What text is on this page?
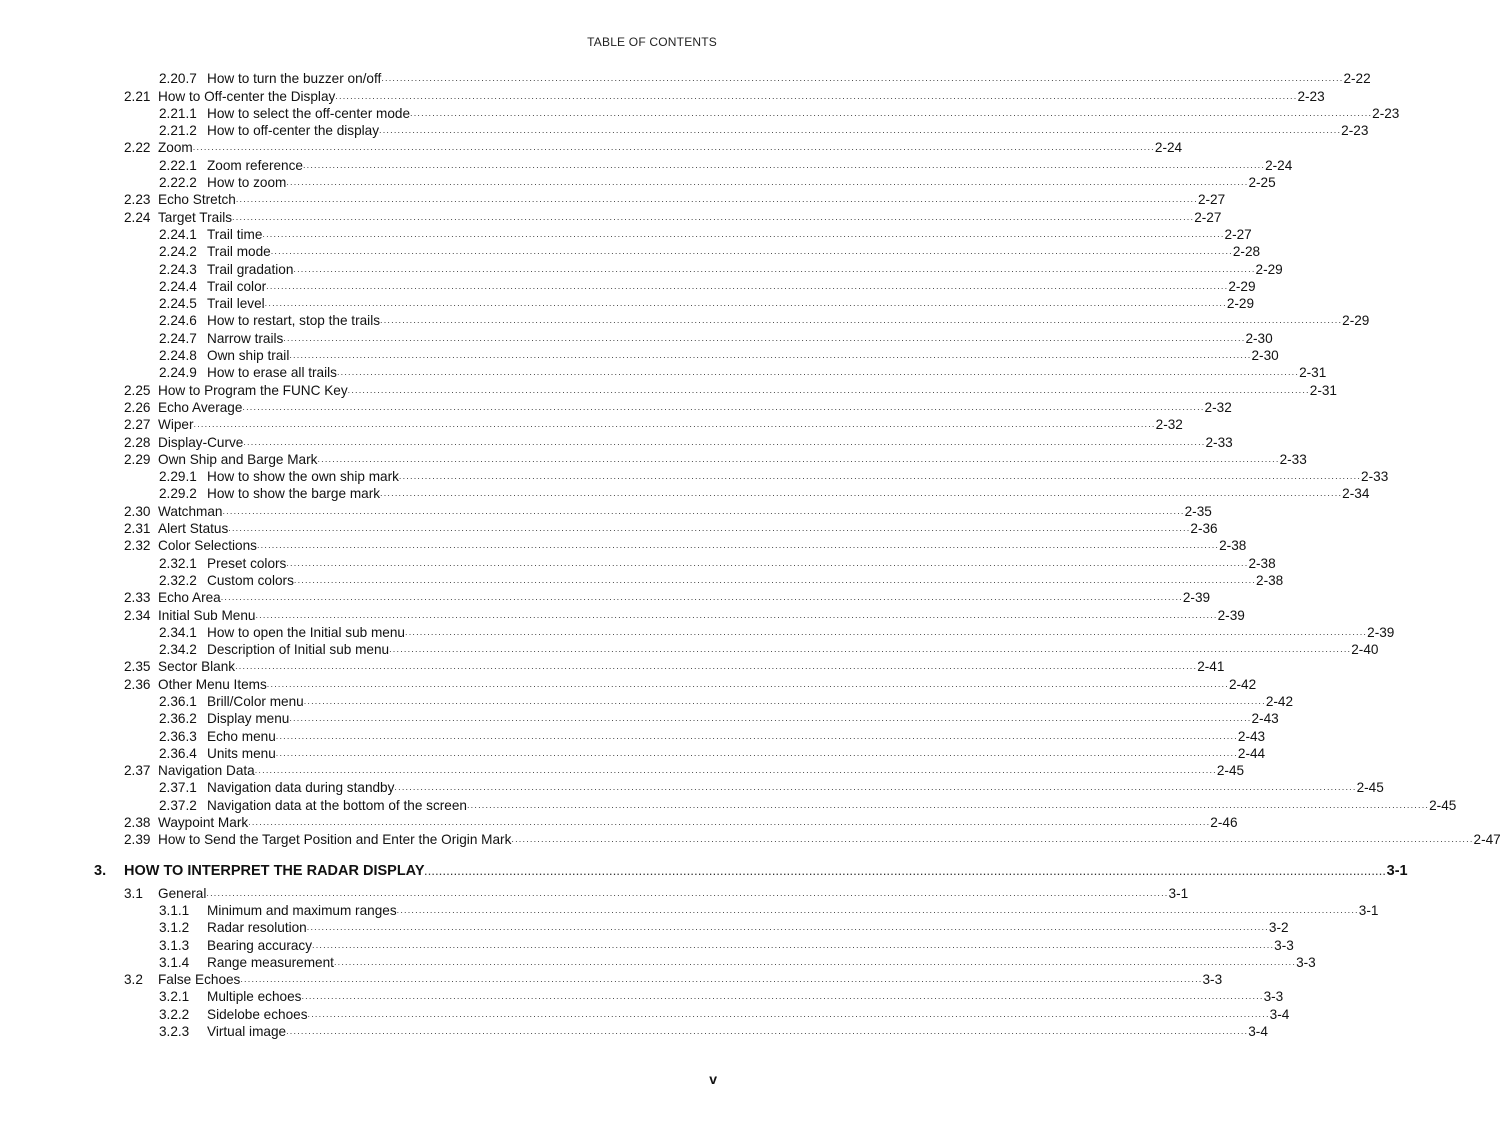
TABLE OF CONTENTS
2.20.7 How to turn the buzzer on/off .................................................................................................................................................................................................................................................................... 2-22
2.21 How to Off-center the Display .................................................................................................................................................................................................................................................................... 2-23
2.21.1 How to select the off-center mode .................................................................................................................................................................................................................................................................... 2-23
2.21.2 How to off-center the display .................................................................................................................................................................................................................................................................... 2-23
2.22 Zoom .................................................................................................................................................................................................................................................................... 2-24
2.22.1 Zoom reference .................................................................................................................................................................................................................................................................... 2-24
2.22.2 How to zoom .................................................................................................................................................................................................................................................................... 2-25
2.23 Echo Stretch .................................................................................................................................................................................................................................................................... 2-27
2.24 Target Trails .................................................................................................................................................................................................................................................................... 2-27
2.24.1 Trail time .................................................................................................................................................................................................................................................................... 2-27
2.24.2 Trail mode .................................................................................................................................................................................................................................................................... 2-28
2.24.3 Trail gradation .................................................................................................................................................................................................................................................................... 2-29
2.24.4 Trail color .................................................................................................................................................................................................................................................................... 2-29
2.24.5 Trail level .................................................................................................................................................................................................................................................................... 2-29
2.24.6 How to restart, stop the trails .................................................................................................................................................................................................................................................................... 2-29
2.24.7 Narrow trails .................................................................................................................................................................................................................................................................... 2-30
2.24.8 Own ship trail .................................................................................................................................................................................................................................................................... 2-30
2.24.9 How to erase all trails .................................................................................................................................................................................................................................................................... 2-31
2.25 How to Program the FUNC Key .................................................................................................................................................................................................................................................................... 2-31
2.26 Echo Average .................................................................................................................................................................................................................................................................... 2-32
2.27 Wiper .................................................................................................................................................................................................................................................................... 2-32
2.28 Display-Curve .................................................................................................................................................................................................................................................................... 2-33
2.29 Own Ship and Barge Mark .................................................................................................................................................................................................................................................................... 2-33
2.29.1 How to show the own ship mark .................................................................................................................................................................................................................................................................... 2-33
2.29.2 How to show the barge mark .................................................................................................................................................................................................................................................................... 2-34
2.30 Watchman .................................................................................................................................................................................................................................................................... 2-35
2.31 Alert Status .................................................................................................................................................................................................................................................................... 2-36
2.32 Color Selections .................................................................................................................................................................................................................................................................... 2-38
2.32.1 Preset colors .................................................................................................................................................................................................................................................................... 2-38
2.32.2 Custom colors .................................................................................................................................................................................................................................................................... 2-38
2.33 Echo Area .................................................................................................................................................................................................................................................................... 2-39
2.34 Initial Sub Menu .................................................................................................................................................................................................................................................................... 2-39
2.34.1 How to open the Initial sub menu .................................................................................................................................................................................................................................................................... 2-39
2.34.2 Description of Initial sub menu .................................................................................................................................................................................................................................................................... 2-40
2.35 Sector Blank .................................................................................................................................................................................................................................................................... 2-41
2.36 Other Menu Items .................................................................................................................................................................................................................................................................... 2-42
2.36.1 Brill/Color menu .................................................................................................................................................................................................................................................................... 2-42
2.36.2 Display menu .................................................................................................................................................................................................................................................................... 2-43
2.36.3 Echo menu .................................................................................................................................................................................................................................................................... 2-43
2.36.4 Units menu .................................................................................................................................................................................................................................................................... 2-44
2.37 Navigation Data .................................................................................................................................................................................................................................................................... 2-45
2.37.1 Navigation data during standby .................................................................................................................................................................................................................................................................... 2-45
2.37.2 Navigation data at the bottom of the screen .................................................................................................................................................................................................................................................................... 2-45
2.38 Waypoint Mark .................................................................................................................................................................................................................................................................... 2-46
2.39 How to Send the Target Position and Enter the Origin Mark .................................................................................................................................................................................................................................................................... 2-47
3.	HOW TO INTERPRET THE RADAR DISPLAY .................................................................................................................................................................................................................................................................... 3-1
3.1	General .................................................................................................................................................................................................................................................................... 3-1
3.1.1	Minimum and maximum ranges .................................................................................................................................................................................................................................................................... 3-1
3.1.2	Radar resolution .................................................................................................................................................................................................................................................................... 3-2
3.1.3	Bearing accuracy .................................................................................................................................................................................................................................................................... 3-3
3.1.4	Range measurement .................................................................................................................................................................................................................................................................... 3-3
3.2	False Echoes .................................................................................................................................................................................................................................................................... 3-3
3.2.1	Multiple echoes .................................................................................................................................................................................................................................................................... 3-3
3.2.2	Sidelobe echoes .................................................................................................................................................................................................................................................................... 3-4
3.2.3	Virtual image .................................................................................................................................................................................................................................................................... 3-4
v
